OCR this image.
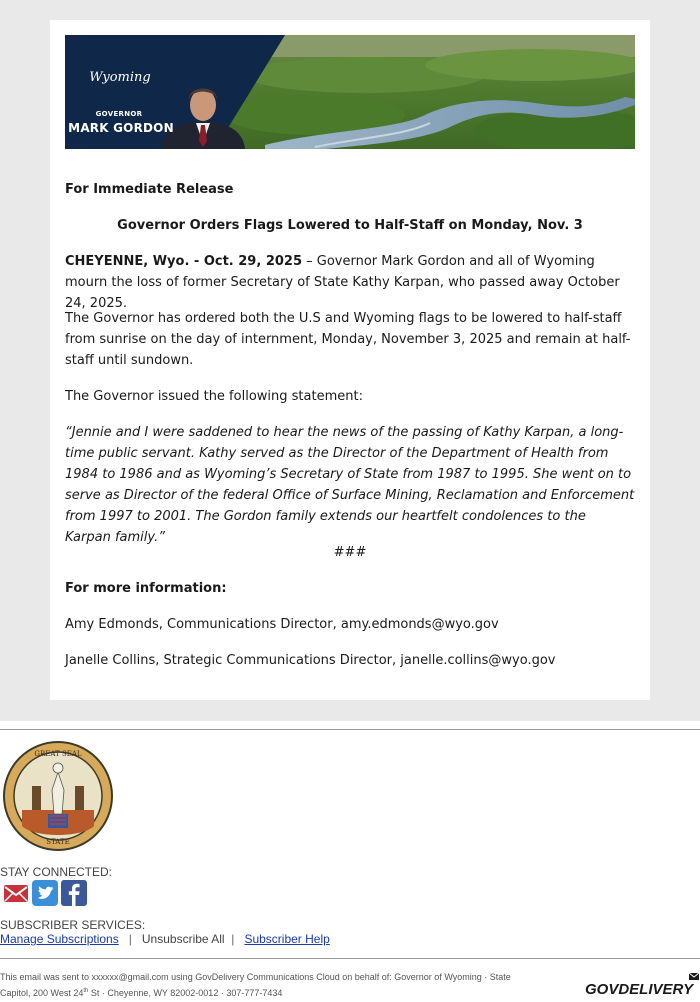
Wyoming
GOVERNOR
MARK GORDON

For Immediate Release

Governor Orders Flags Lowered to Half-Staff on Monday, Nov. 3

CHEYENNE, Wyo. - Oct. 29, 2025 – Governor Mark Gordon and all of Wyoming mourn the loss of former Secretary of State Kathy Karpan, who passed away October 24, 2025.

The Governor has ordered both the U.S and Wyoming flags to be lowered to half-staff from sunrise on the day of internment, Monday, November 3, 2025 and remain at half-staff until sundown.

The Governor issued the following statement:

“Jennie and I were saddened to hear the news of the passing of Kathy Karpan, a long-time public servant. Kathy served as the Director of the Department of Health from 1984 to 1986 and as Wyoming’s Secretary of State from 1987 to 1995. She went on to serve as Director of the federal Office of Surface Mining, Reclamation and Enforcement from 1997 to 2001. The Gordon family extends our heartfelt condolences to the Karpan family.”

###

For more information:

Amy Edmonds, Communications Director, amy.edmonds@wyo.gov

Janelle Collins, Strategic Communications Director, janelle.collins@wyo.gov

GREAT SEAL
STATE
STAY CONNECTED:
SUBSCRIBER SERVICES:
Manage Subscriptions | Unsubscribe All | Subscriber Help
This email was sent to xxxxxx@gmail.com using GovDelivery Communications Cloud on behalf of: Governor of Wyoming · State
Capitol, 200 West 24th St · Cheyenne, WY 82002-0012 · 307-777-7434	GOVDELIVERY
